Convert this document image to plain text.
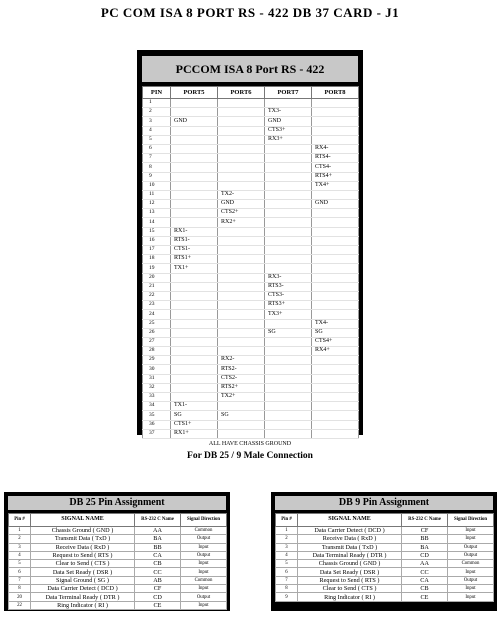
PC COM ISA 8 PORT RS - 422 DB 37 CARD - J1
PCCOM ISA 8 Port RS - 422
PIN	PORT5	PORT6	PORT7	PORT8
1				
2			TX3-	
3	GND		GND	
4			CTS3+	
5			RX3+	
6				RX4-
7				RTS4-
8				CTS4-
9				RTS4+
10				TX4+
11		TX2-		
12		GND		GND
13		CTS2+		
14		RX2+		
15	RX1-			
16	RTS1-			
17	CTS1-			
18	RTS1+			
19	TX1+			
20			RX3-	
21			RTS3-	
22			CTS3-	
23			RTS3+	
24			TX3+	
25				TX4-
26			SG	SG
27				CTS4+
28				RX4+
29		RX2-		
30		RTS2-		
31		CTS2-		
32		RTS2+		
33		TX2+		
34	TX1-			
35	SG	SG		
36	CTS1+			
37	RX1+			
ALL HAVE CHASSIS GROUND
For DB 25 / 9 Male Connection
DB 25 Pin Assignment
Pin #	SIGNAL NAME	RS-232 C Name	Signal Direction
1	Chassis Ground ( GND )	AA	Common
2	Transmit Data ( TxD )	BA	Output
3	Receive Data ( RxD )	BB	Input
4	Request to Send ( RTS )	CA	Output
5	Clear to Send ( CTS )	CB	Input
6	Data Set Ready ( DSR )	CC	Input
7	Signal Ground ( SG )	AB	Common
8	Data Carrier Detect ( DCD )	CF	Input
20	Data Terminal Ready ( DTR )	CD	Output
22	Ring Indicator ( RI )	CE	Input
DB 9 Pin Assignment
Pin #	SIGNAL NAME	RS-232 C Name	Signal Direction
1	Data Carrier Detect ( DCD )	CF	Input
2	Receive Data ( RxD )	BB	Input
3	Transmit Data ( TxD )	BA	Output
4	Data Terminal Ready ( DTR )	CD	Output
5	Chassis Ground ( GND )	AA	Common
6	Data Set Ready ( DSR )	CC	Input
7	Request to Send ( RTS )	CA	Output
8	Clear to Send ( CTS )	CB	Input
9	Ring Indicator ( RI )	CE	Input
